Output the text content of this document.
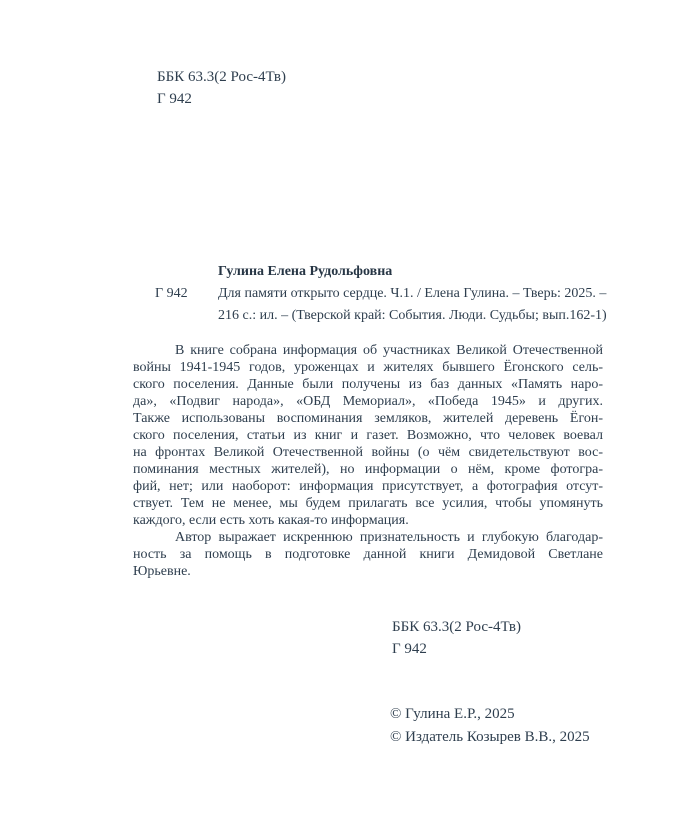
ББК 63.3(2 Рос-4Тв)
Г 942
Гулина Елена Рудольфовна
Г 942 Для памяти открыто сердце. Ч.1. / Елена Гулина. – Тверь: 2025. –
216 с.: ил. – (Тверской край: События. Люди. Судьбы; вып.162-1)
В книге собрана информация об участниках Великой Отечественной
войны 1941-1945 годов, уроженцах и жителях бывшего Ёгонского сель-
ского поселения. Данные были получены из баз данных «Память наро-
да», «Подвиг народа», «ОБД Мемориал», «Победа 1945» и других.
Также использованы воспоминания земляков, жителей деревень Ёгон-
ского поселения, статьи из книг и газет. Возможно, что человек воевал
на фронтах Великой Отечественной войны (о чём свидетельствуют вос-
поминания местных жителей), но информации о нём, кроме фотогра-
фий, нет; или наоборот: информация присутствует, а фотография отсут-
ствует. Тем не менее, мы будем прилагать все усилия, чтобы упомянуть
каждого, если есть хоть какая-то информация.
Автор выражает искреннюю признательность и глубокую благодар-
ность за помощь в подготовке данной книги Демидовой Светлане
Юрьевне.
ББК 63.3(2 Рос-4Тв)
Г 942
© Гулина Е.Р., 2025
© Издатель Козырев В.В., 2025
